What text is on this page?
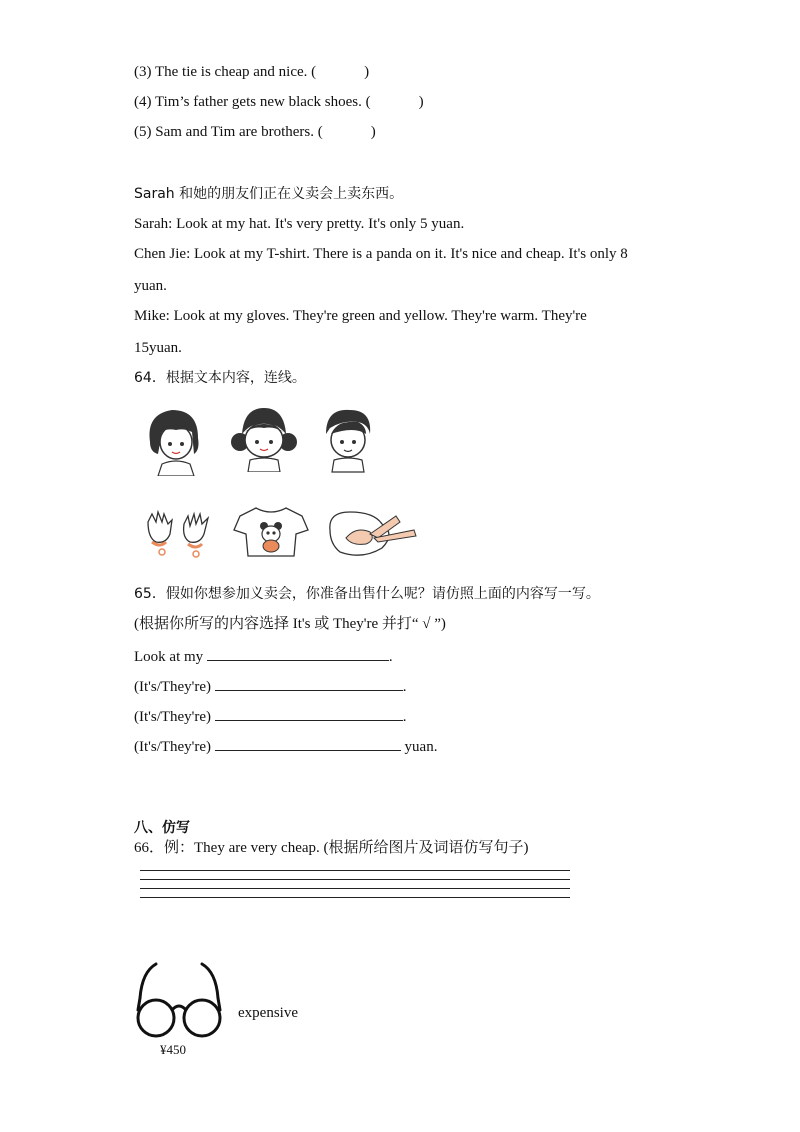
(3) The tie is cheap and nice. (	)
(4) Tim’s father gets new black shoes. (	)
(5) Sam and Tim are brothers. (	)
Sarah 和她的朋友们正在义卖会上卖东西。
Sarah: Look at my hat. It's very pretty. It's only 5 yuan.
Chen Jie: Look at my T-shirt. There is a panda on it. It's nice and cheap. It's only 8
yuan.
Mike: Look at my gloves. They're green and yellow. They're warm. They're
15yuan.
64．根据文本内容，连线。
65．假如你想参加义卖会，你准备出售什么呢？请仿照上面的内容写一写。
(根据你所写的内容选择 It's 或 They're 并打“ √ ”)
Look at my	.
(It's/They're)	.
(It's/They're)	.
(It's/They're)	yuan.
八、仿写
66．例：They are very cheap. (根据所给图片及词语仿写句子)
expensive
¥450
